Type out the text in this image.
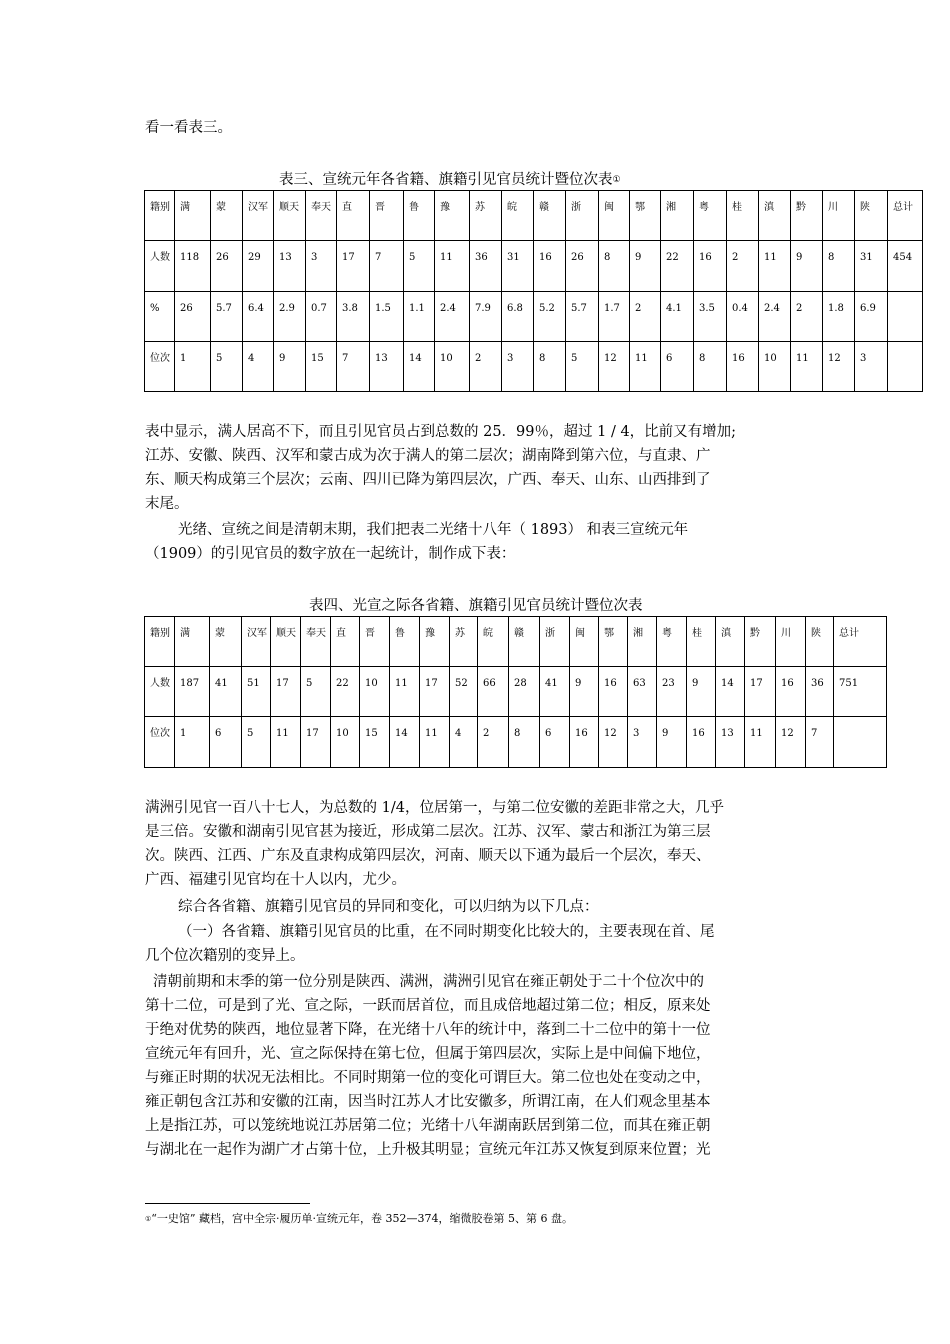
看一看表三。

表三、宣统元年各省籍、旗籍引见官员统计暨位次表①
籍别	满	蒙	汉军	顺天	奉天	直	晋	鲁	豫	苏	皖	赣	浙	闽	鄂	湘	粤	桂	滇	黔	川	陕	总计
人数	118	26	29	13	3	17	7	5	11	36	31	16	26	8	9	22	16	2	11	9	8	31	454
%	26	5.7	6.4	2.9	0.7	3.8	1.5	1.1	2.4	7.9	6.8	5.2	5.7	1.7	2	4.1	3.5	0.4	2.4	2	1.8	6.9	
位次	1	5	4	9	15	7	13	14	10	2	3	8	5	12	11	6	8	16	10	11	12	3	

表中显示，满人居高不下，而且引见官员占到总数的 25．99％，超过 1 / 4，比前又有增加;
江苏、安徽、陕西、汉军和蒙古成为次于满人的第二层次；湖南降到第六位，与直隶、广
东、顺天构成第三个层次；云南、四川已降为第四层次，广西、奉天、山东、山西排到了
末尾。

光绪、宣统之间是清朝末期，我们把表二光绪十八年（ 1893） 和表三宣统元年
（1909）的引见官员的数字放在一起统计，制作成下表：

表四、光宣之际各省籍、旗籍引见官员统计暨位次表
籍别	满	蒙	汉军	顺天	奉天	直	晋	鲁	豫	苏	皖	赣	浙	闽	鄂	湘	粤	桂	滇	黔	川	陕	总计
人数	187	41	51	17	5	22	10	11	17	52	66	28	41	9	16	63	23	9	14	17	16	36	751
位次	1	6	5	11	17	10	15	14	11	4	2	8	6	16	12	3	9	16	13	11	12	7	

满洲引见官一百八十七人，为总数的 1/4，位居第一，与第二位安徽的差距非常之大，几乎
是三倍。安徽和湖南引见官甚为接近，形成第二层次。江苏、汉军、蒙古和浙江为第三层
次。陕西、江西、广东及直隶构成第四层次，河南、顺天以下通为最后一个层次，奉天、
广西、福建引见官均在十人以内，尤少。

综合各省籍、旗籍引见官员的异同和变化，可以归纳为以下几点：

（一）各省籍、旗籍引见官员的比重，在不同时期变化比较大的，主要表现在首、尾
几个位次籍别的变异上。

清朝前期和末季的第一位分别是陕西、满洲，满洲引见官在雍正朝处于二十个位次中的
第十二位，可是到了光、宣之际，一跃而居首位，而且成倍地超过第二位；相反，原来处
于绝对优势的陕西，地位显著下降，在光绪十八年的统计中，落到二十二位中的第十一位
宣统元年有回升，光、宣之际保持在第七位，但属于第四层次，实际上是中间偏下地位，
与雍正时期的状况无法相比。不同时期第一位的变化可谓巨大。第二位也处在变动之中，
雍正朝包含江苏和安徽的江南，因当时江苏人才比安徽多，所谓江南，在人们观念里基本
上是指江苏，可以笼统地说江苏居第二位；光绪十八年湖南跃居到第二位，而其在雍正朝
与湖北在一起作为湖广才占第十位，上升极其明显；宣统元年江苏又恢复到原来位置；光

①“一史馆” 藏档，宫中全宗·履历单·宣统元年，卷 352—374，缩微胶卷第 5、第 6 盘。
